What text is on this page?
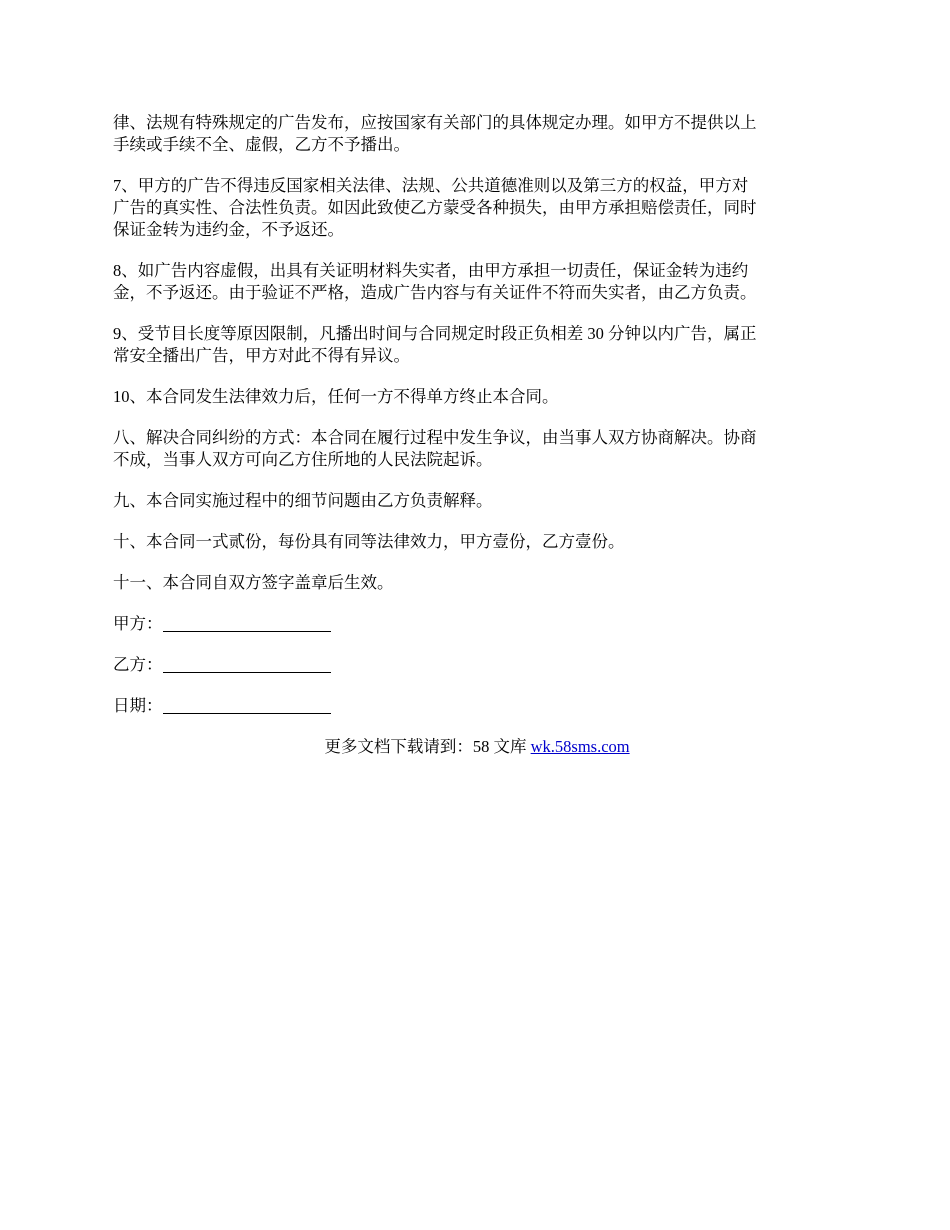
律、法规有特殊规定的广告发布，应按国家有关部门的具体规定办理。如甲方不提供以上
手续或手续不全、虚假，乙方不予播出。
7、甲方的广告不得违反国家相关法律、法规、公共道德准则以及第三方的权益，甲方对
广告的真实性、合法性负责。如因此致使乙方蒙受各种损失，由甲方承担赔偿责任，同时
保证金转为违约金，不予返还。
8、如广告内容虚假，出具有关证明材料失实者，由甲方承担一切责任，保证金转为违约
金，不予返还。由于验证不严格，造成广告内容与有关证件不符而失实者，由乙方负责。
9、受节目长度等原因限制，凡播出时间与合同规定时段正负相差 30 分钟以内广告，属正
常安全播出广告，甲方对此不得有异议。
10、本合同发生法律效力后，任何一方不得单方终止本合同。
八、解决合同纠纷的方式：本合同在履行过程中发生争议，由当事人双方协商解决。协商
不成，当事人双方可向乙方住所地的人民法院起诉。
九、本合同实施过程中的细节问题由乙方负责解释。
十、本合同一式贰份，每份具有同等法律效力，甲方壹份，乙方壹份。
十一、本合同自双方签字盖章后生效。
甲方：
乙方：
日期：
更多文档下载请到：58 文库 wk.58sms.com
